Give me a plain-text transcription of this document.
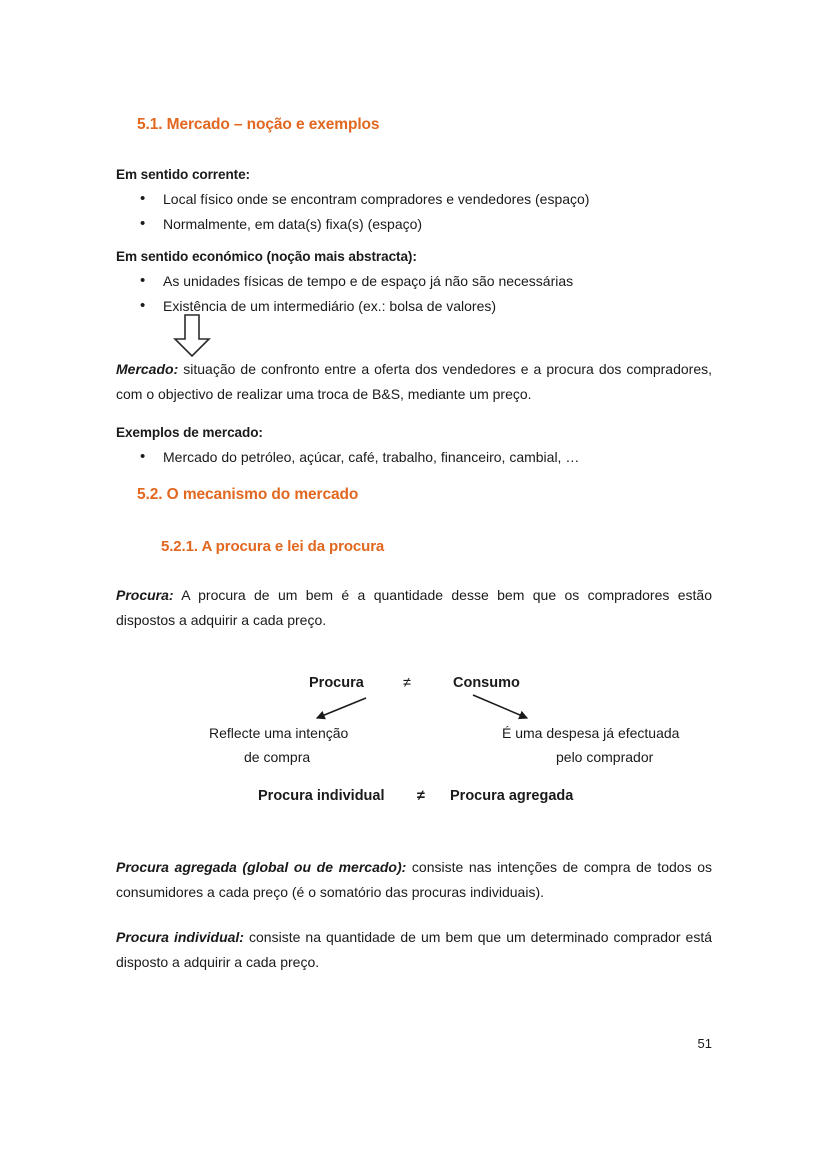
5.1. Mercado – noção e exemplos
Em sentido corrente:
• Local físico onde se encontram compradores e vendedores (espaço)
• Normalmente, em data(s) fixa(s) (espaço)
Em sentido económico (noção mais abstracta):
• As unidades físicas de tempo e de espaço já não são necessárias
• Existência de um intermediário (ex.: bolsa de valores)

Mercado: situação de confronto entre a oferta dos vendedores e a procura dos compradores, com o objectivo de realizar uma troca de B&S, mediante um preço.

Exemplos de mercado:
• Mercado do petróleo, açúcar, café, trabalho, financeiro, cambial, …
5.2. O mecanismo do mercado
5.2.1. A procura e lei da procura

Procura: A procura de um bem é a quantidade desse bem que os compradores estão dispostos a adquirir a cada preço.

Procura	≠	Consumo
Reflecte uma intenção
de compra
É uma despesa já efectuada
pelo comprador
Procura individual ≠ Procura agregada

Procura agregada (global ou de mercado): consiste nas intenções de compra de todos os consumidores a cada preço (é o somatório das procuras individuais).

Procura individual: consiste na quantidade de um bem que um determinado comprador está disposto a adquirir a cada preço.

51
